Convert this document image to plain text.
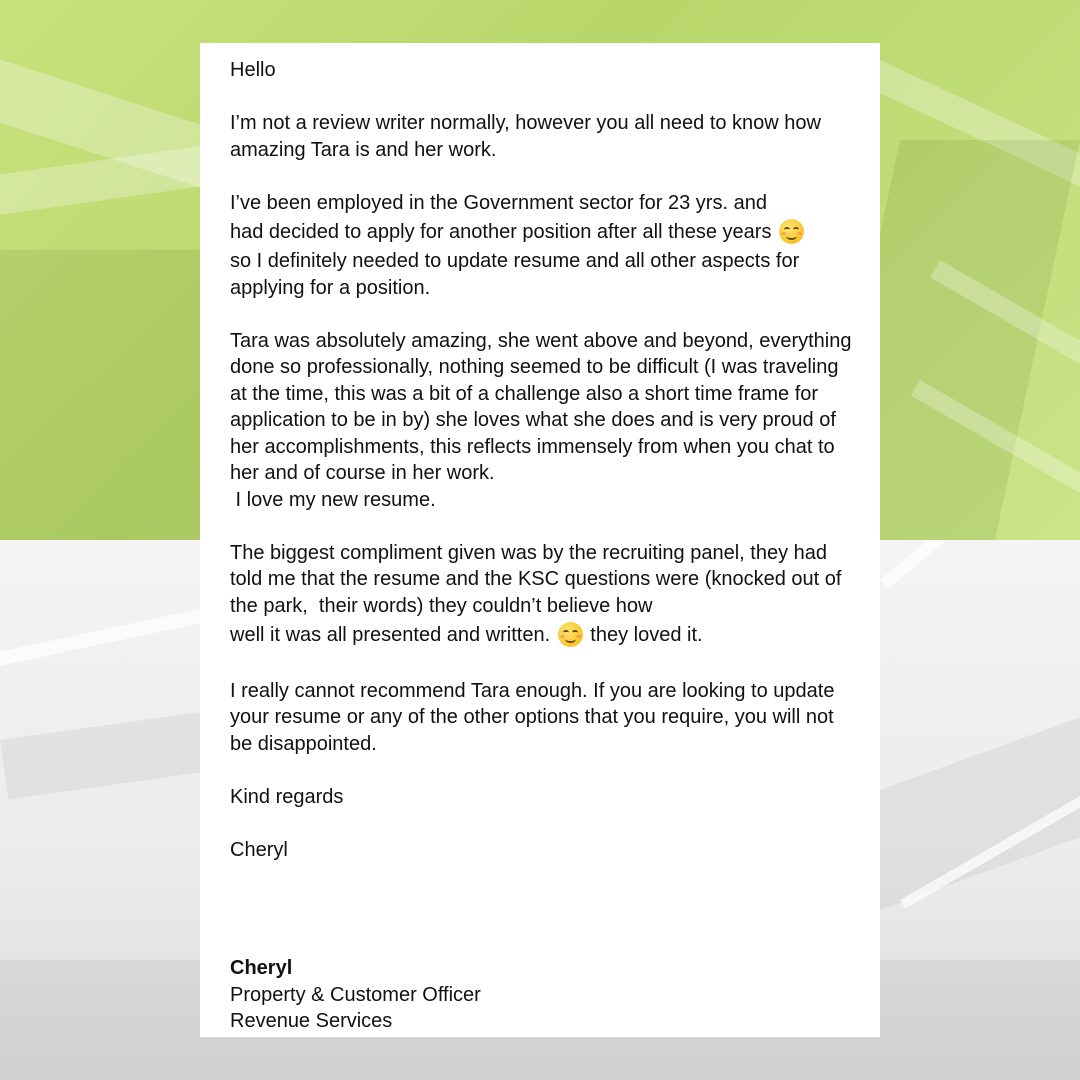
Hello

I’m not a review writer normally, however you all need to know how amazing Tara is and her work.

I’ve been employed in the Government sector for 23 yrs. and
had decided to apply for another position after all these years

so I definitely needed to update resume and all other aspects for applying for a position.

Tara was absolutely amazing, she went above and beyond, everything done so professionally, nothing seemed to be difficult (I was traveling at the time, this was a bit of a challenge also a short time frame for application to be in by) she loves what she does and is very proud of her accomplishments, this reflects immensely from when you chat to her and of course in her work.
I love my new resume.

The biggest compliment given was by the recruiting panel, they had told me that the resume and the KSC questions were (knocked out of the park,  their words) they couldn’t believe how
well it was all presented and written. they loved it.

I really cannot recommend Tara enough. If you are looking to update your resume or any of the other options that you require, you will not be disappointed.

Kind regards

Cheryl

Cheryl
Property & Customer Officer
Revenue Services
